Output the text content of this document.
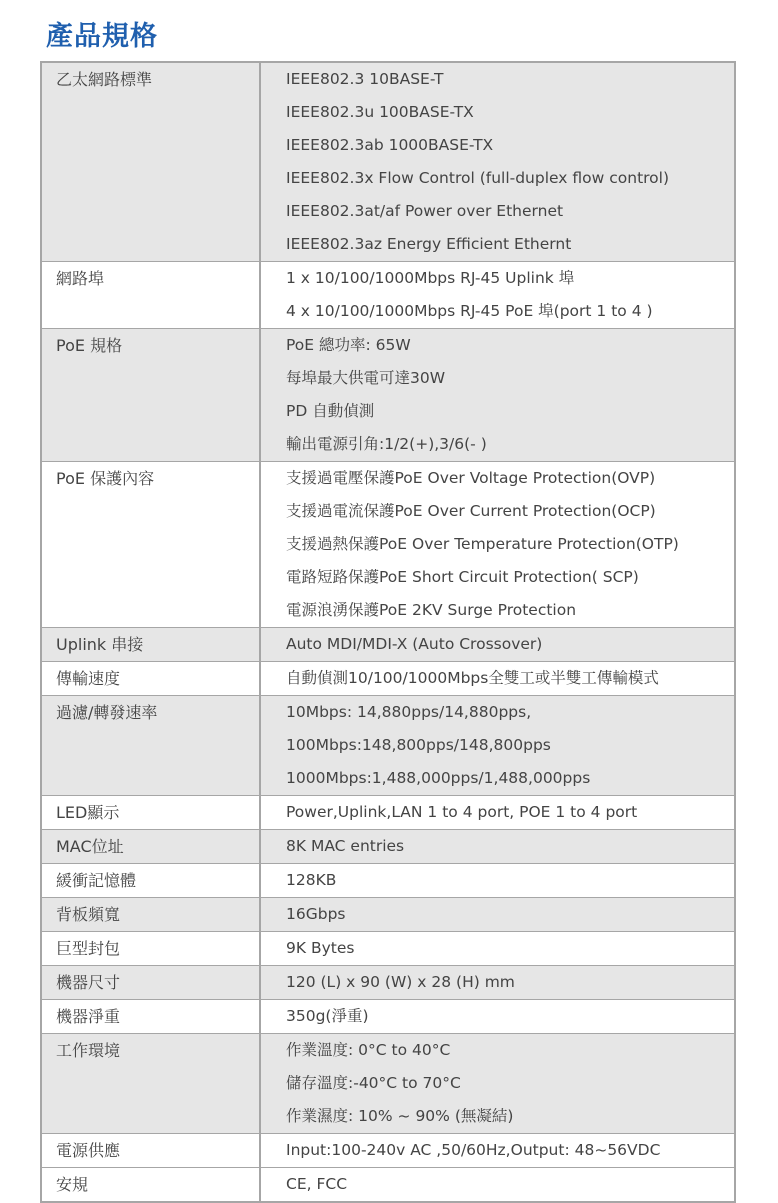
產品規格
乙太網路標準	IEEE802.3 10BASE-T
IEEE802.3u 100BASE-TX
IEEE802.3ab 1000BASE-TX
IEEE802.3x Flow Control (full-duplex flow control)
IEEE802.3at/af Power over Ethernet
IEEE802.3az Energy Efficient Ethernt
網路埠	1 x 10/100/1000Mbps RJ-45 Uplink 埠
4 x 10/100/1000Mbps RJ-45 PoE 埠(port 1 to 4 )
PoE 規格	PoE 總功率: 65W
每埠最大供電可達30W
PD 自動偵測
輸出電源引角:1/2(+),3/6(- )
PoE 保護內容	支援過電壓保護PoE Over Voltage Protection(OVP)
支援過電流保護PoE Over Current Protection(OCP)
支援過熱保護PoE Over Temperature Protection(OTP)
電路短路保護PoE Short Circuit Protection( SCP)
電源浪湧保護PoE 2KV Surge Protection
Uplink 串接	Auto MDI/MDI-X (Auto Crossover)
傳輸速度	自動偵測10/100/1000Mbps全雙工或半雙工傳輸模式
過濾/轉發速率	10Mbps: 14,880pps/14,880pps,
100Mbps:148,800pps/148,800pps
1000Mbps:1,488,000pps/1,488,000pps
LED顯示	Power,Uplink,LAN 1 to 4 port, POE 1 to 4 port
MAC位址	8K MAC entries
緩衝記憶體	128KB
背板頻寬	16Gbps
巨型封包	9K Bytes
機器尺寸	120 (L) x 90 (W) x 28 (H) mm
機器淨重	350g(淨重)
工作環境	作業溫度: 0°C to 40°C
儲存溫度:-40°C to 70°C
作業濕度: 10% ~ 90% (無凝結)
電源供應	Input:100-240v AC ,50/60Hz,Output: 48~56VDC
安規	CE, FCC
